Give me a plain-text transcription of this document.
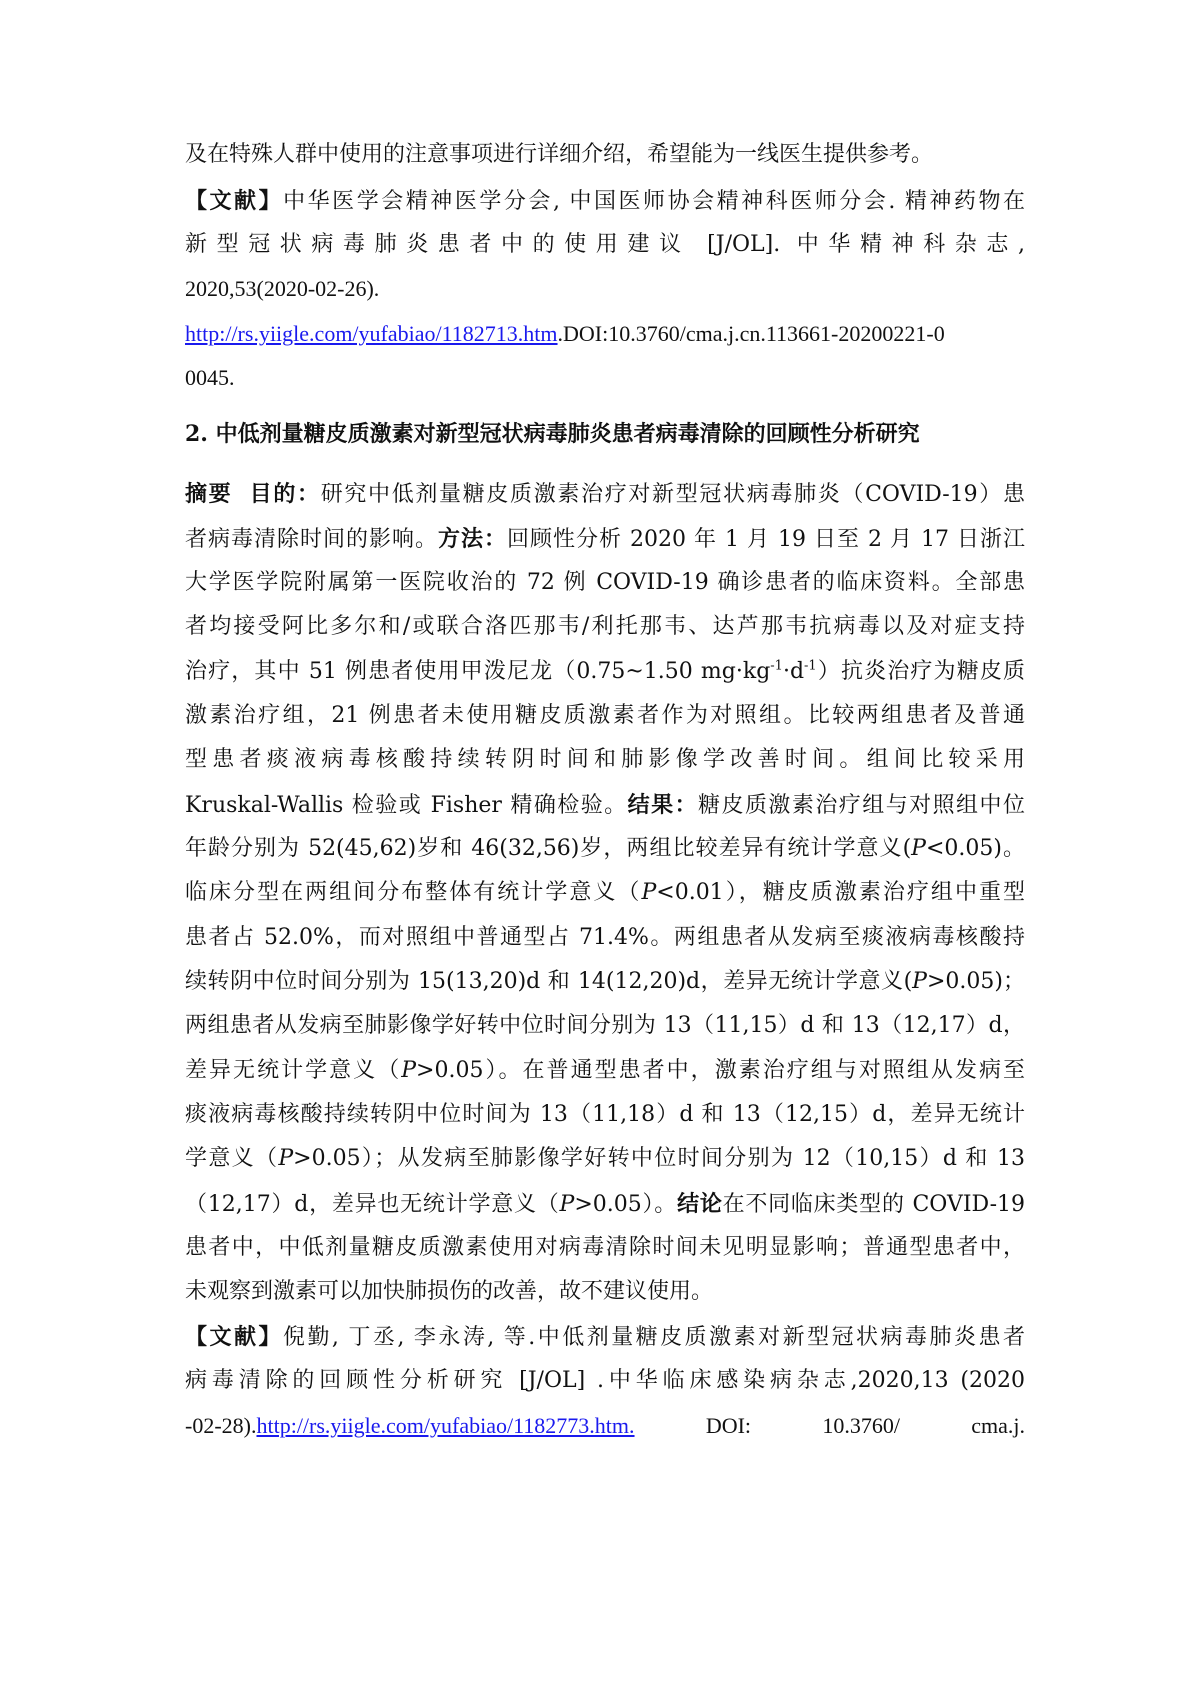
及在特殊人群中使用的注意事项进行详细介绍，希望能为一线医生提供参考。
【文献】中华医学会精神医学分会, 中国医师协会精神科医师分会. 精神药物在
新型冠状病毒肺炎患者中的使用建议 [J/OL]. 中华精神科杂志,
2020,53(2020-02-26).
http://rs.yiigle.com/yufabiao/1182713.htm.DOI:10.3760/cma.j.cn.113661-20200221-0
0045.
2. 中低剂量糖皮质激素对新型冠状病毒肺炎患者病毒清除的回顾性分析研究
摘要 目的：研究中低剂量糖皮质激素治疗对新型冠状病毒肺炎（COVID-19）患
者病毒清除时间的影响。方法：回顾性分析 2020 年 1 月 19 日至 2 月 17 日浙江
大学医学院附属第一医院收治的 72 例 COVID-19 确诊患者的临床资料。全部患
者均接受阿比多尔和/或联合洛匹那韦/利托那韦、达芦那韦抗病毒以及对症支持
治疗，其中 51 例患者使用甲泼尼龙（0.75~1.50 $mg\cdot kg^{-1}\cdot d^{-1}$）抗炎治疗为糖皮质
激素治疗组，21 例患者未使用糖皮质激素者作为对照组。比较两组患者及普通
型患者痰液病毒核酸持续转阴时间和肺影像学改善时间。组间比较采用
Kruskal-Wallis 检验或 Fisher 精确检验。结果：糖皮质激素治疗组与对照组中位
年龄分别为 52(45,62)岁和 46(32,56)岁，两组比较差异有统计学意义(P<0.05)。
临床分型在两组间分布整体有统计学意义（P<0.01），糖皮质激素治疗组中重型
患者占 52.0%，而对照组中普通型占 71.4%。两组患者从发病至痰液病毒核酸持
续转阴中位时间分别为 15(13,20)d 和 14(12,20)d，差异无统计学意义(P>0.05)；
两组患者从发病至肺影像学好转中位时间分别为 13（11,15）d 和 13（12,17）d，
差异无统计学意义（P>0.05）。在普通型患者中，激素治疗组与对照组从发病至
痰液病毒核酸持续转阴中位时间为 13（11,18）d 和 13（12,15）d，差异无统计
学意义（P>0.05）；从发病至肺影像学好转中位时间分别为 12（10,15）d 和 13
（12,17）d，差异也无统计学意义（P>0.05）。结论在不同临床类型的 COVID-19
患者中，中低剂量糖皮质激素使用对病毒清除时间未见明显影响；普通型患者中，
未观察到激素可以加快肺损伤的改善，故不建议使用。
【文献】倪勤, 丁丞, 李永涛, 等.中低剂量糖皮质激素对新型冠状病毒肺炎患者
病毒清除的回顾性分析研究 [J/OL] .中华临床感染病杂志,2020,13 (2020
-02-28).http://rs.yiigle.com/yufabiao/1182773.htm.	DOI:	10.3760/	cma.j.
